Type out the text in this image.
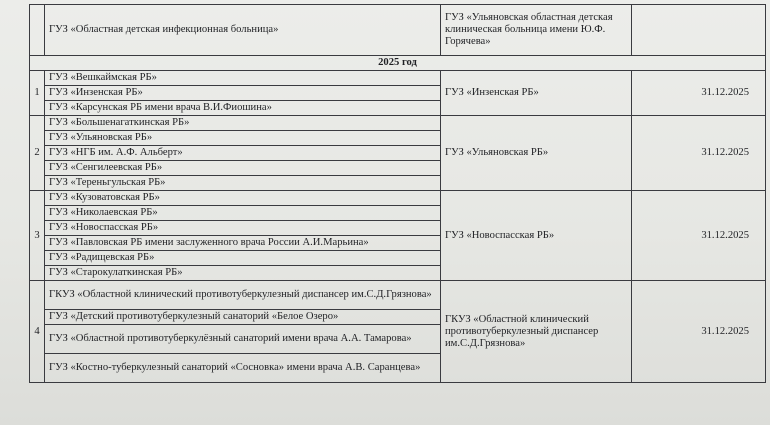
	ГУЗ «Областная детская инфекционная больница»	ГУЗ «Ульяновская областная детская клиническая больница имени Ю.Ф. Горячева»	
2025 год			
1	ГУЗ «Вешкаймская РБ»	ГУЗ «Инзенская РБ»	31.12.2025
	ГУЗ «Инзенская РБ»		
	ГУЗ «Карсунская РБ имени врача В.И.Фиошина»		
2	ГУЗ «Большенагаткинская РБ»	ГУЗ «Ульяновская РБ»	31.12.2025
	ГУЗ «Ульяновская РБ»		
	ГУЗ «НГБ им. А.Ф. Альберт»		
	ГУЗ «Сенгилеевская РБ»		
	ГУЗ «Тереньгульская РБ»		
3	ГУЗ «Кузоватовская РБ»	ГУЗ «Новоспасская РБ»	31.12.2025
	ГУЗ «Николаевская РБ»		
	ГУЗ «Новоспасская РБ»		
	ГУЗ «Павловская РБ имени заслуженного врача России А.И.Марьина»		
	ГУЗ «Радищевская РБ»		
	ГУЗ «Старокулаткинская РБ»		
4	ГКУЗ «Областной клинический противотуберкулезный диспансер им.С.Д.Грязнова»	ГКУЗ «Областной клинический противотуберкулезный диспансер им.С.Д.Грязнова»	31.12.2025
	ГУЗ «Детский противотуберкулезный санаторий «Белое Озеро»		
	ГУЗ «Областной противотуберкулёзный санаторий имени врача А.А. Тамарова»		
	ГУЗ «Костно-туберкулезный санаторий «Сосновка» имени врача А.В. Саранцева»		
